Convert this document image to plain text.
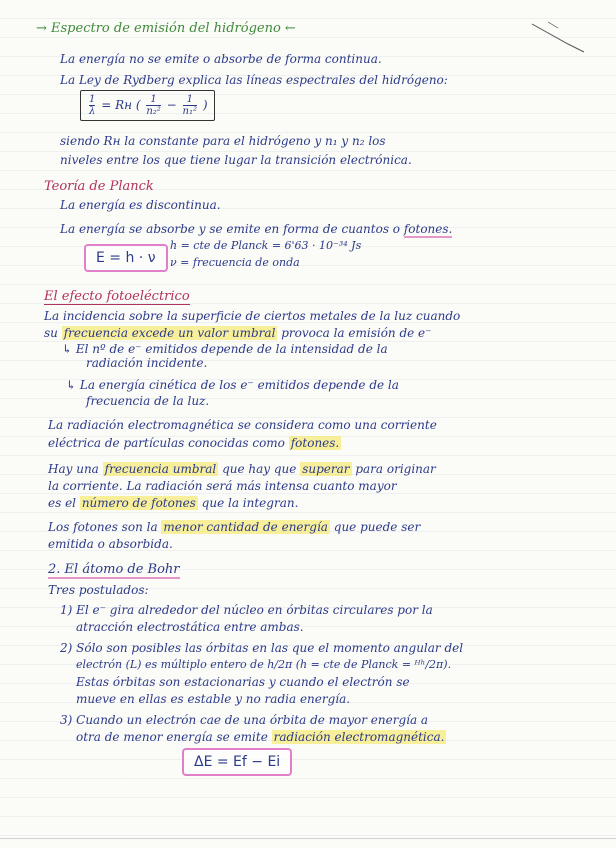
→ Espectro de emisión del hidrógeno ←
La energía no se emite o absorbe de forma continua.
La Ley de Rydberg explica las líneas espectrales del hidrógeno:
$\frac{1}{\lambda}$ = Rн ( $\frac{1}{\text{n₂²}} - \frac{1}{\text{n₁²}}$ )
siendo Rн la constante para el hidrógeno y n₁ y n₂ los
niveles entre los que tiene lugar la transición electrónica.
Teoría de Planck
La energía es discontinua.
La energía se absorbe y se emite en forma de cuantos o fotones.
E = h · ν
h = cte de Planck = 6'63 · 10⁻³⁴ Js
ν = frecuencia de onda
El efecto fotoeléctrico
La incidencia sobre la superficie de ciertos metales de la luz cuando
su frecuencia excede un valor umbral provoca la emisión de e⁻
↳ El nº de e⁻ emitidos depende de la intensidad de la
radiación incidente.
↳ La energía cinética de los e⁻ emitidos depende de la
frecuencia de la luz.
La radiación electromagnética se considera como una corriente
eléctrica de partículas conocidas como fotones.
Hay una frecuencia umbral que hay que superar para originar
la corriente. La radiación será más intensa cuanto mayor
es el número de fotones que la integran.
Los fotones son la menor cantidad de energía que puede ser
emitida o absorbida.
2. El átomo de Bohr
Tres postulados:
1) El e⁻ gira alrededor del núcleo en órbitas circulares por la
atracción electrostática entre ambas.
2) Sólo son posibles las órbitas en las que el momento angular del
electrón (L) es múltiplo entero de h/2π (h = cte de Planck = ᴴʰ/2π).
Estas órbitas son estacionarias y cuando el electrón se
mueve en ellas es estable y no radia energía.
3) Cuando un electrón cae de una órbita de mayor energía a
otra de menor energía se emite radiación electromagnética.
ΔE = Ef − Ei
